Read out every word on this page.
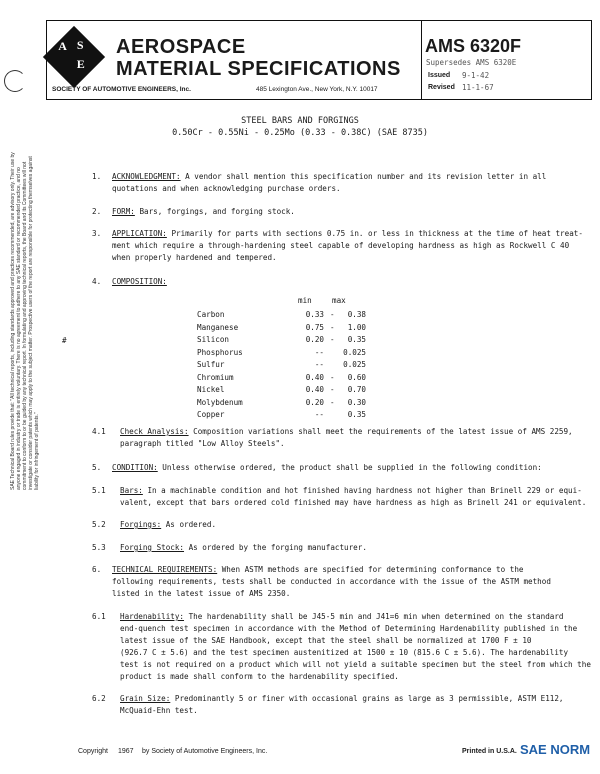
SAE Technical Board rules provide that: "All technical reports, including standards approved and practices recommended, are advisory only. Their use by anyone engaged in industry or trade is entirely voluntary. There is no agreement to adhere to any SAE standard or recommended practice, and no commitment to conform to or be guided by any technical report. In formulating and approving technical reports, the Board and its Committees will not investigate or consider patents which may apply to the subject matter. Prospective users of the report are responsible for protecting themselves against liability for infringement of patents."
S
A
E
AEROSPACE
MATERIAL SPECIFICATIONS
SOCIETY OF AUTOMOTIVE ENGINEERS, Inc.	485 Lexington Ave., New York, N.Y. 10017
AMS 6320F
Supersedes AMS 6320E
Issued 9-1-42
Revised 11-1-67
STEEL BARS AND FORGINGS
0.50Cr - 0.55Ni - 0.25Mo (0.33 - 0.38C) (SAE 8735)
1. ACKNOWLEDGMENT: A vendor shall mention this specification number and its revision letter in all
quotations and when acknowledging purchase orders.
2. FORM: Bars, forgings, and forging stock.
3. APPLICATION: Primarily for parts with sections 0.75 in. or less in thickness at the time of heat treat-
ment which require a through-hardening steel capable of developing hardness as high as Rockwell C 40
when properly hardened and tempered.
4. COMPOSITION:
#
min	max
Carbon	0.33 -	0.38
Manganese	0.75 -	1.00
Silicon	0.20 -	0.35
Phosphorus	--	0.025
Sulfur	--	0.025
Chromium	0.40 -	0.60
Nickel	0.40 -	0.70
Molybdenum	0.20 -	0.30
Copper	--	0.35
4.1 Check Analysis: Composition variations shall meet the requirements of the latest issue of AMS 2259,
paragraph titled "Low Alloy Steels".
5. CONDITION: Unless otherwise ordered, the product shall be supplied in the following condition:
5.1 Bars: In a machinable condition and hot finished having hardness not higher than Brinell 229 or equi-
valent, except that bars ordered cold finished may have hardness as high as Brinell 241 or equivalent.
5.2 Forgings: As ordered.
5.3 Forging Stock: As ordered by the forging manufacturer.
6. TECHNICAL REQUIREMENTS: When ASTM methods are specified for determining conformance to the
following requirements, tests shall be conducted in accordance with the issue of the ASTM method
listed in the latest issue of AMS 2350.
6.1 Hardenability: The hardenability shall be J45-5 min and J41=6 min when determined on the standard
end-quench test specimen in accordance with the Method of Determining Hardenability published in the
latest issue of the SAE Handbook, except that the steel shall be normalized at 1700 F ± 10
(926.7 C ± 5.6) and the test specimen austenitized at 1500 ± 10 (815.6 C ± 5.6). The hardenability
test is not required on a product which will not yield a suitable specimen but the steel from which the
product is made shall conform to the hardenability specified.
6.2 Grain Size: Predominantly 5 or finer with occasional grains as large as 3 permissible, ASTM E112,
McQuaid-Ehn test.
Copyright 1967 by Society of Automotive Engineers, Inc.	Printed in U.S.A. SAE NORM
